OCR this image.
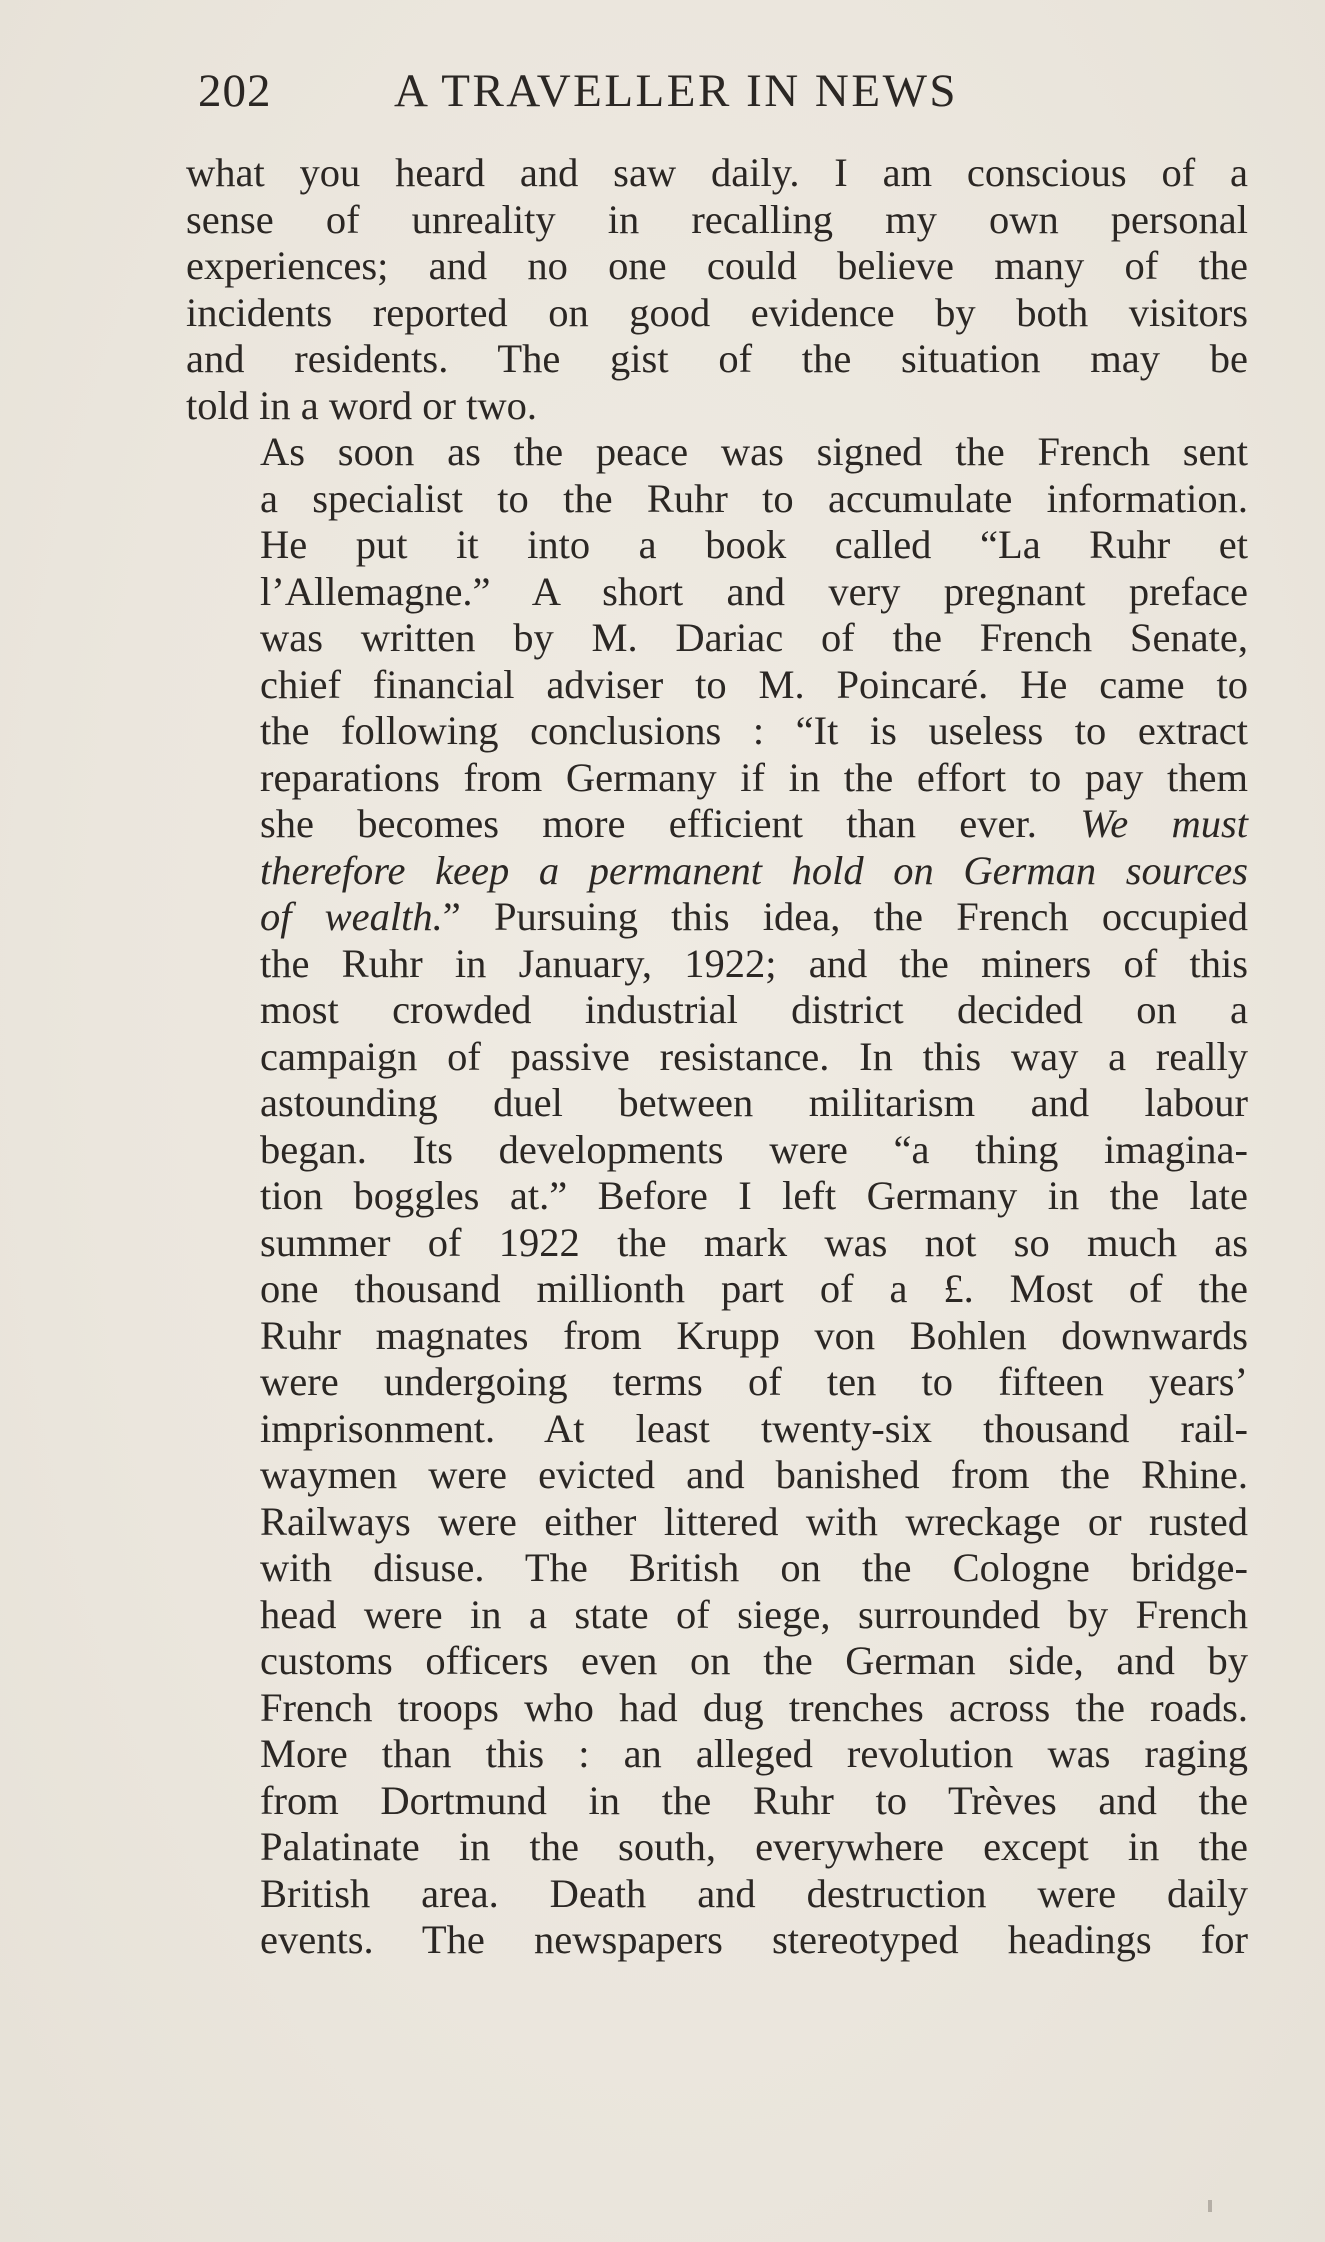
202	A TRAVELLER IN NEWS

what you heard and saw daily. I am conscious of a
sense of unreality in recalling my own personal
experiences; and no one could believe many of the
incidents reported on good evidence by both visitors
and residents. The gist of the situation may be
told in a word or two.

As soon as the peace was signed the French sent
a specialist to the Ruhr to accumulate information.
He put it into a book called “La Ruhr et
l’Allemagne.” A short and very pregnant preface
was written by M. Dariac of the French Senate,
chief financial adviser to M. Poincaré. He came to
the following conclusions : “It is useless to extract
reparations from Germany if in the effort to pay them
she becomes more efficient than ever. We must
therefore keep a permanent hold on German sources
of wealth.” Pursuing this idea, the French occupied
the Ruhr in January, 1922; and the miners of this
most crowded industrial district decided on a
campaign of passive resistance. In this way a really
astounding duel between militarism and labour
began. Its developments were “a thing imagina-
tion boggles at.” Before I left Germany in the late
summer of 1922 the mark was not so much as
one thousand millionth part of a £. Most of the
Ruhr magnates from Krupp von Bohlen downwards
were undergoing terms of ten to fifteen years’
imprisonment. At least twenty-six thousand rail-
waymen were evicted and banished from the Rhine.
Railways were either littered with wreckage or rusted
with disuse. The British on the Cologne bridge-
head were in a state of siege, surrounded by French
customs officers even on the German side, and by
French troops who had dug trenches across the roads.
More than this : an alleged revolution was raging
from Dortmund in the Ruhr to Trèves and the
Palatinate in the south, everywhere except in the
British area. Death and destruction were daily
events. The newspapers stereotyped headings for
